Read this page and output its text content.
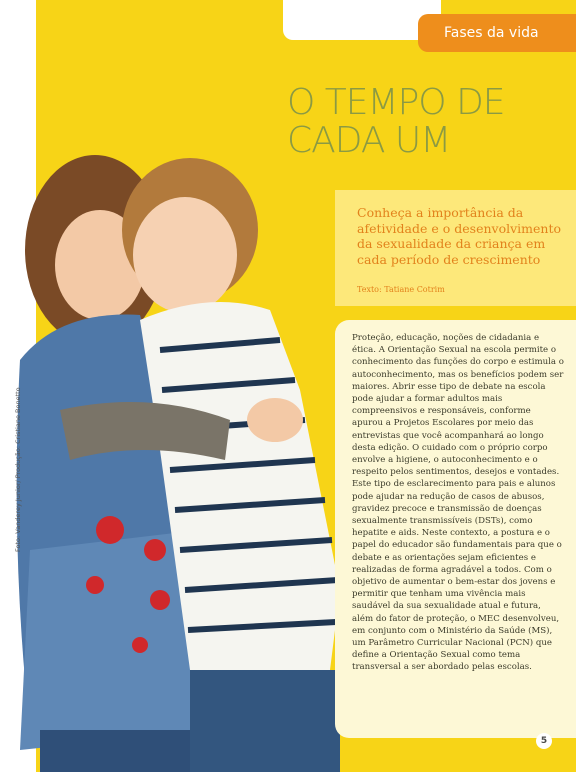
Fases da vida
O TEMPO DE
CADA UM

Conheça a importância da afetividade e o desenvolvimento da sexualidade da criança em cada período de crescimento

Texto: Tatiane Cotrim

Proteção, educação, noções de cidadania e ética. A Orientação Sexual na escola permite o conhecimento das funções do corpo e estimula o autoconhecimento, mas os benefícios podem ser maiores. Abrir esse tipo de debate na escola pode ajudar a formar adultos mais compreensivos e responsáveis, conforme apurou a Projetos Escolares por meio das entrevistas que você acompanhará ao longo desta edição. O cuidado com o próprio corpo envolve a higiene, o autoconhecimento e o respeito pelos sentimentos, desejos e vontades. Este tipo de esclarecimento para pais e alunos pode ajudar na redução de casos de abusos, gravidez precoce e transmissão de doenças sexualmente transmissíveis (DSTs), como hepatite e aids. Neste contexto, a postura e o papel do educador são fundamentais para que o debate e as orientações sejam eficientes e realizadas de forma agradável a todos. Com o objetivo de aumentar o bem-estar dos jovens e permitir que tenham uma vivência mais saudável da sua sexualidade atual e futura, além do fator de proteção, o MEC desenvolveu, em conjunto com o Ministério da Saúde (MS), um Parâmetro Curricular Nacional (PCN) que define a Orientação Sexual como tema transversal a ser abordado pelas escolas.

Foto: Vanderey Junior/ Produção: Cristiane Bonetto
5
